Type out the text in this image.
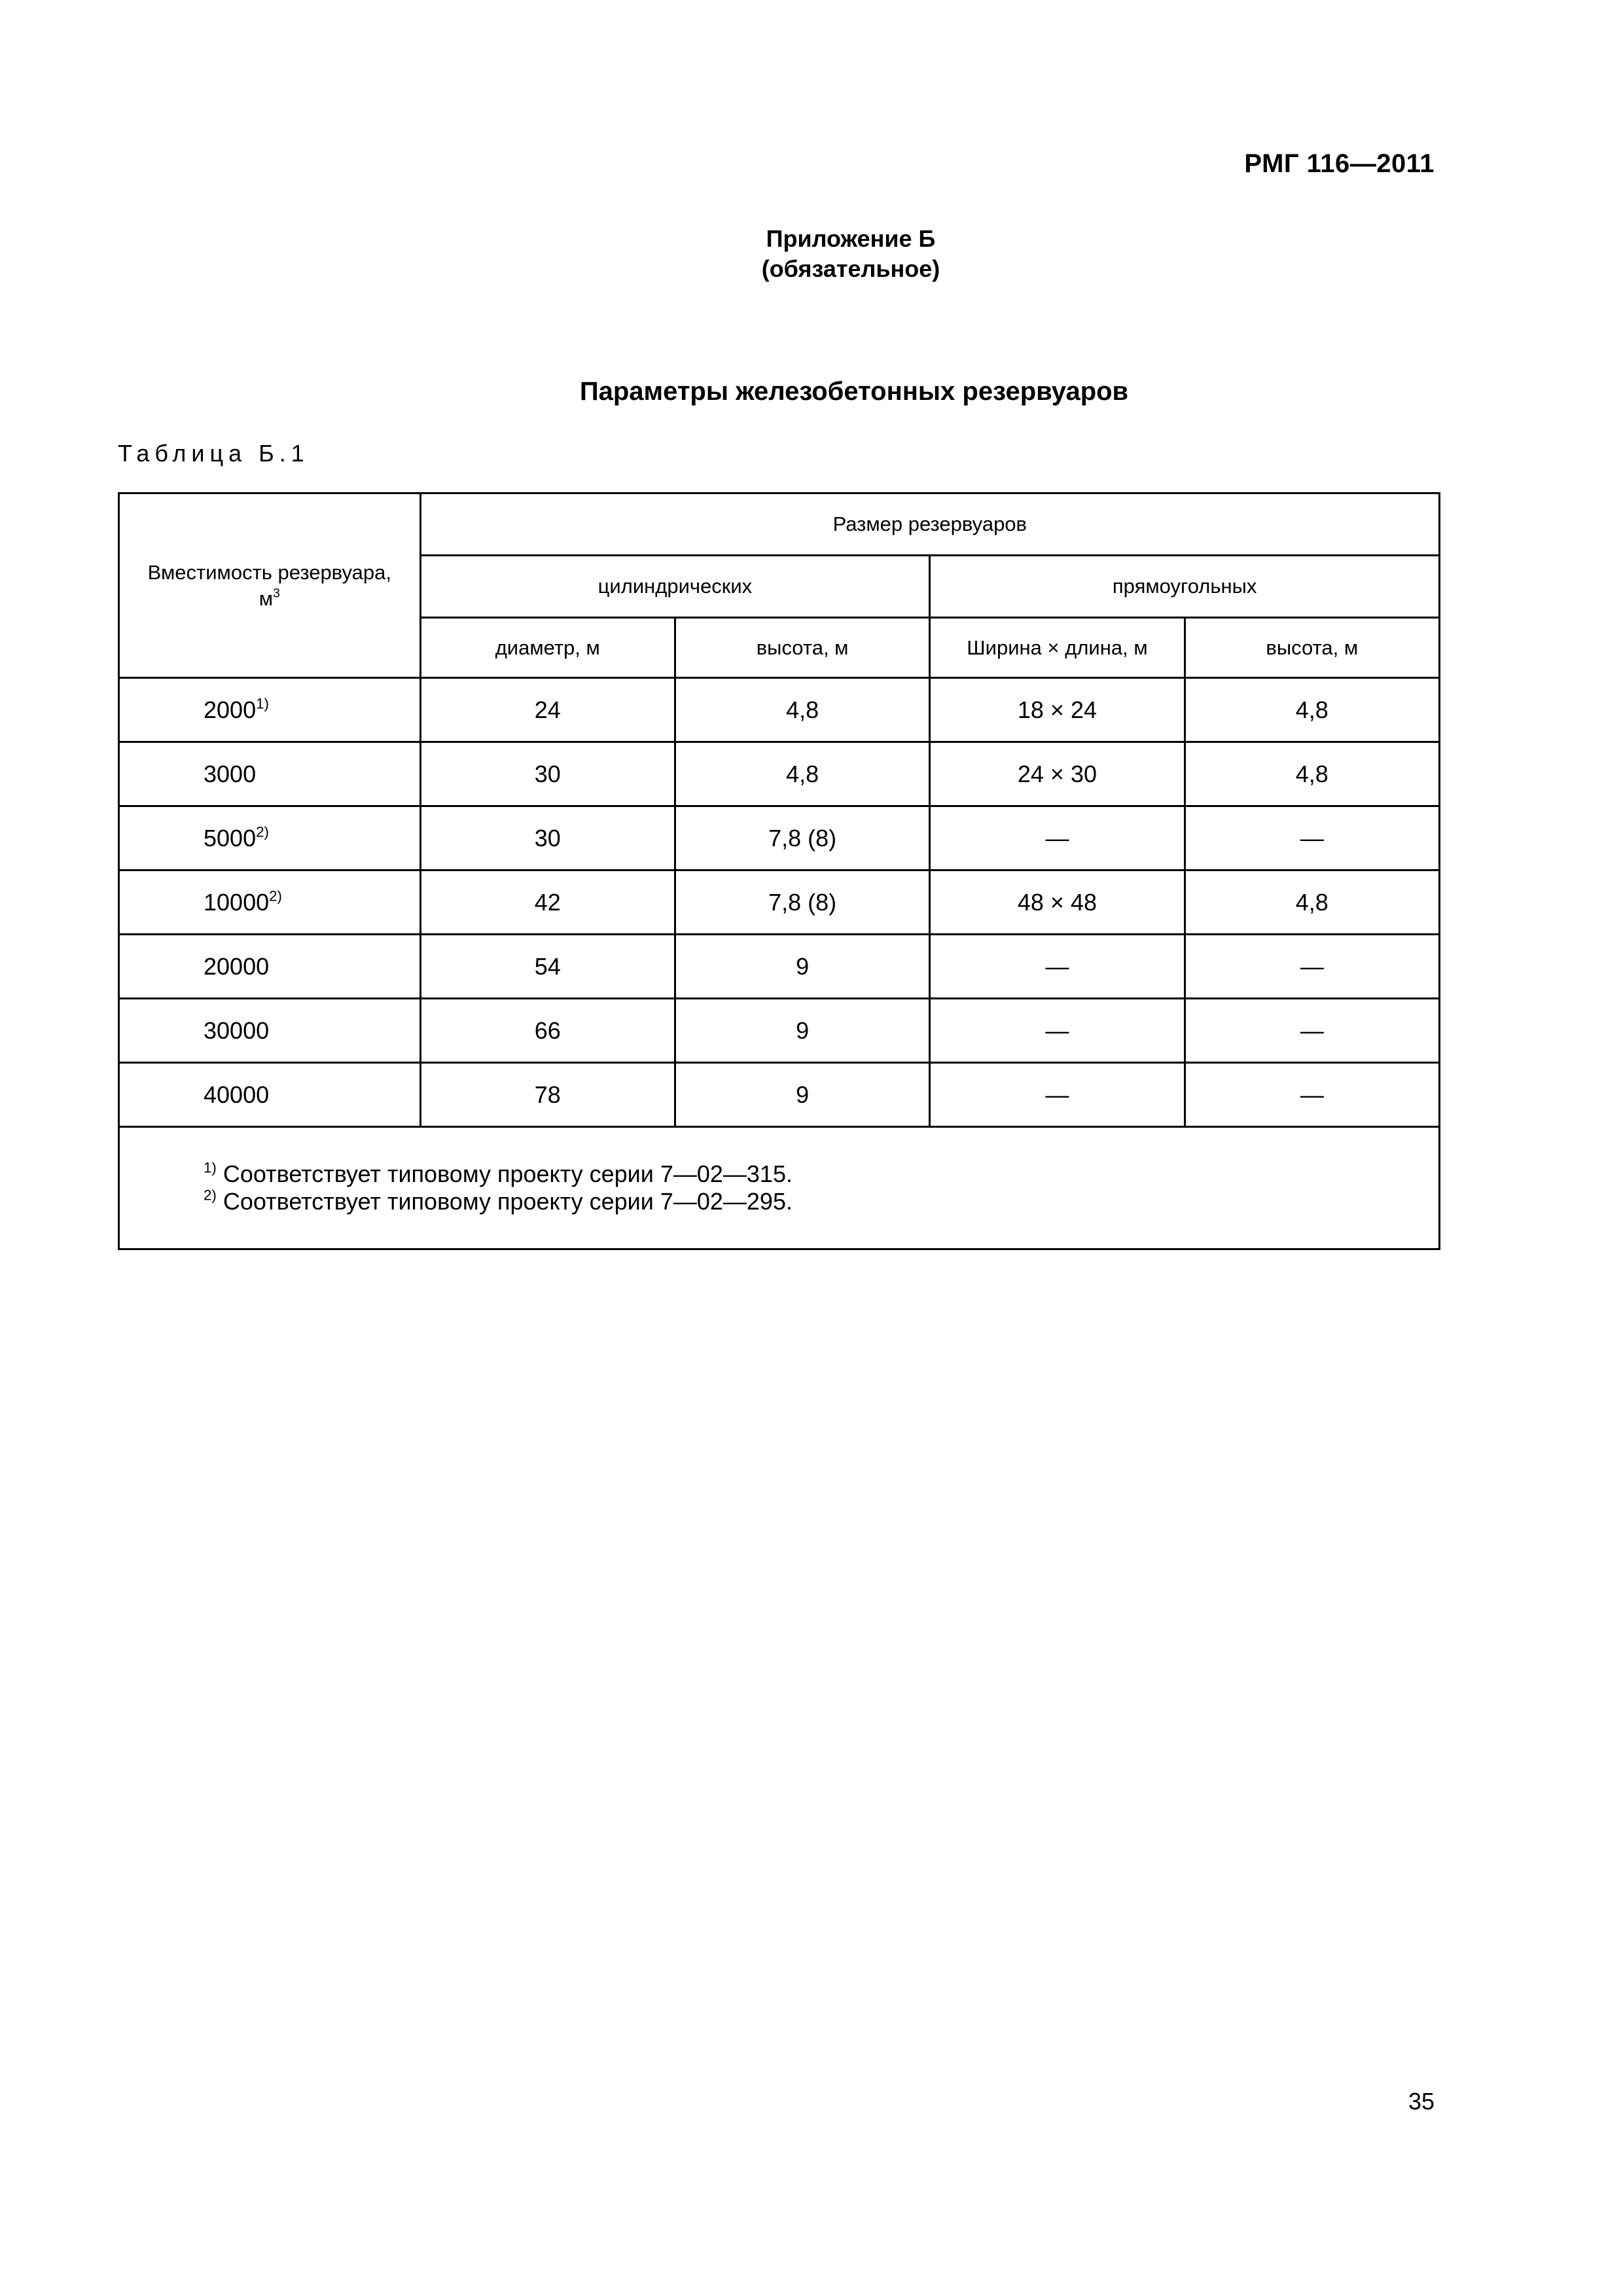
РМГ 116—2011
Приложение Б
(обязательное)
Параметры железобетонных резервуаров
Таблица Б.1
Вместимость резервуара,
$м^3$	Размер резервуаров			
	цилиндрических		прямоугольных	
	диаметр, м	высота, м	Ширина × длина, м	высота, м
2000$^{1)}$	24	4,8	18 × 24	4,8
3000	30	4,8	24 × 30	4,8
5000$^{2)}$	30	7,8 (8)	—	—
10000$^{2)}$	42	7,8 (8)	48 × 48	4,8
20000	54	9	—	—
30000	66	9	—	—
40000	78	9	—	—

$^{1)}$ Соответствует типовому проекту серии 7—02—315.
$^{2)}$ Соответствует типовому проекту серии 7—02—295.				
35
